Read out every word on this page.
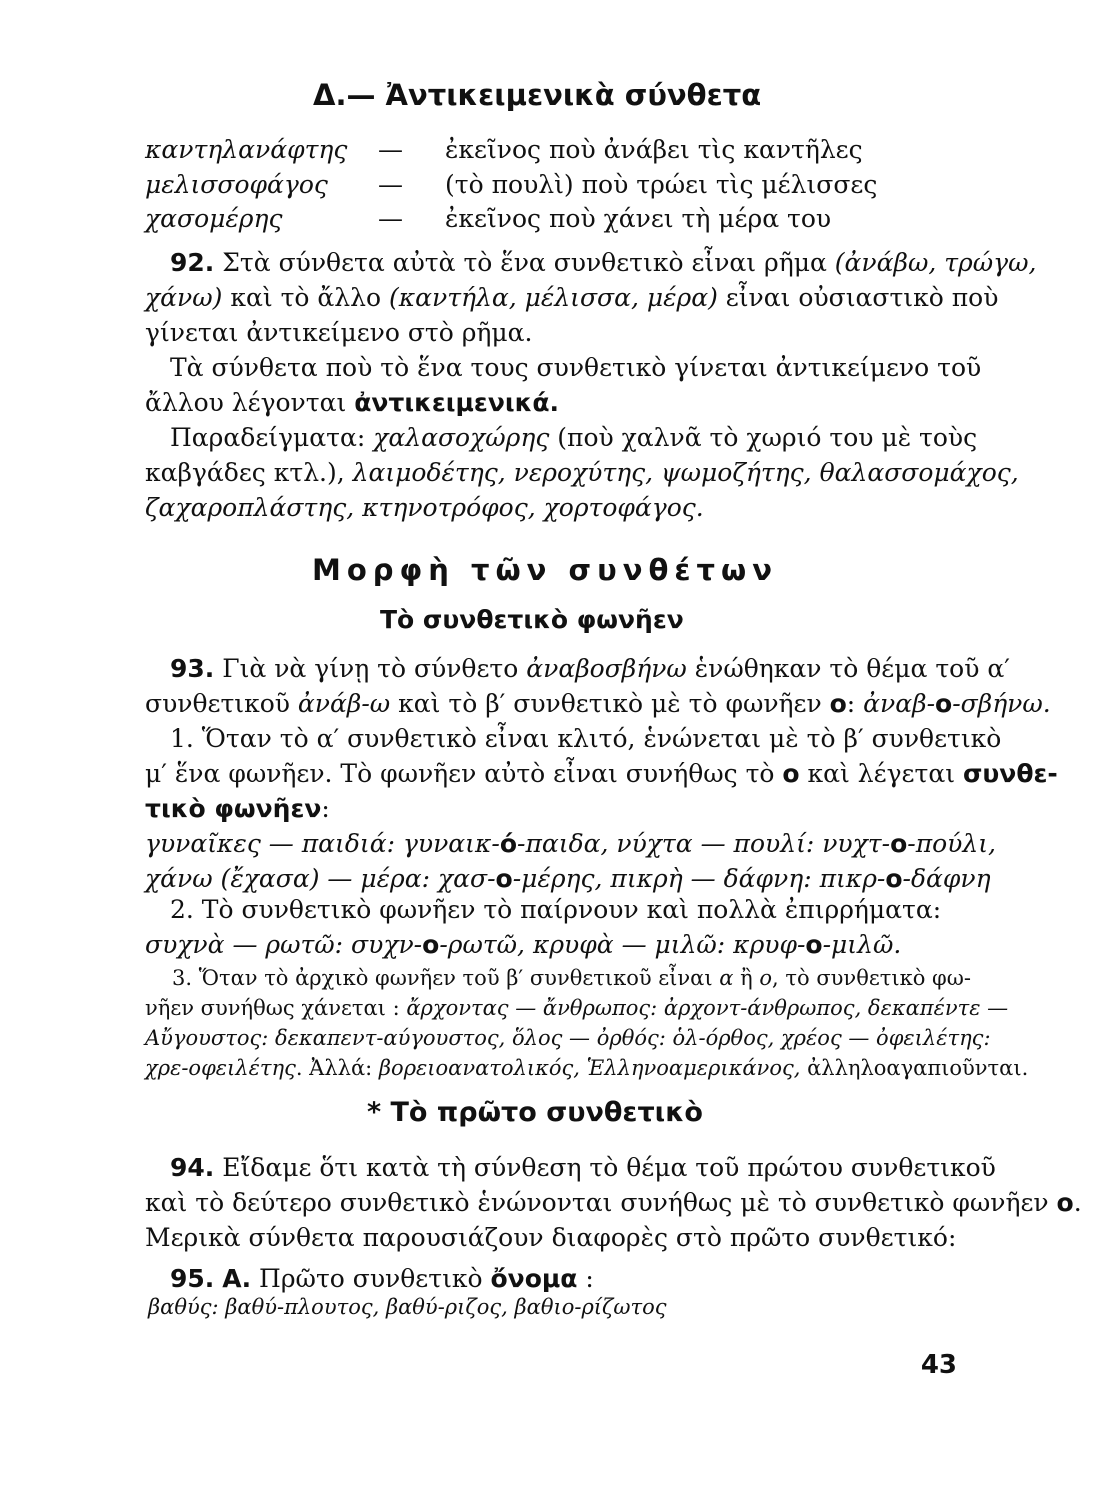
Δ.— Ἀντικειμενικὰ σύνθετα
καντηλανάφτης — ἐκεῖνος ποὺ ἀνάβει τὶς καντῆλες
μελισσοφάγος — (τὸ πουλὶ) ποὺ τρώει τὶς μέλισσες
χασομέρης	— ἐκεῖνος ποὺ χάνει τὴ μέρα του
92. Στὰ σύνθετα αὐτὰ τὸ ἕνα συνθετικὸ εἶναι ρῆμα (ἀνάβω, τρώγω,
χάνω) καὶ τὸ ἄλλο (καντήλα, μέλισσα, μέρα) εἶναι οὐσιαστικὸ ποὺ
γίνεται ἀντικείμενο στὸ ρῆμα.
Τὰ σύνθετα ποὺ τὸ ἕνα τους συνθετικὸ γίνεται ἀντικείμενο τοῦ
ἄλλου λέγονται ἀντικειμενικά.
Παραδείγματα: χαλασοχώρης (ποὺ χαλνᾶ τὸ χωριό του μὲ τοὺς
καβγάδες κτλ.), λαιμοδέτης, νεροχύτης, ψωμοζήτης, θαλασσομάχος,
ζαχαροπλάστης, κτηνοτρόφος, χορτοφάγος.
Μορφὴ τῶν συνθέτων
Τὸ συνθετικὸ φωνῆεν
93. Γιὰ νὰ γίνῃ τὸ σύνθετο ἀναβοσβήνω ἑνώθηκαν τὸ θέμα τοῦ α′
συνθετικοῦ ἀνάβ-ω καὶ τὸ β′ συνθετικὸ μὲ τὸ φωνῆεν ο: ἀναβ-ο-σβήνω.
1. Ὅταν τὸ α′ συνθετικὸ εἶναι κλιτό, ἑνώνεται μὲ τὸ β′ συνθετικὸ
μ′ ἕνα φωνῆεν. Τὸ φωνῆεν αὐτὸ εἶναι συνήθως τὸ ο καὶ λέγεται συνθε-
τικὸ φωνῆεν:
γυναῖκες — παιδιά: γυναικ-ό-παιδα, νύχτα — πουλί: νυχτ-ο-πούλι,
χάνω (ἔχασα) — μέρα: χασ-ο-μέρης, πικρὴ — δάφνη: πικρ-ο-δάφνη
2. Τὸ συνθετικὸ φωνῆεν τὸ παίρνουν καὶ πολλὰ ἐπιρρήματα:
συχνὰ — ρωτῶ: συχν-ο-ρωτῶ, κρυφὰ — μιλῶ: κρυφ-ο-μιλῶ.
3. Ὅταν τὸ ἀρχικὸ φωνῆεν τοῦ β′ συνθετικοῦ εἶναι α ἢ ο, τὸ συνθετικὸ φω-
νῆεν συνήθως χάνεται : ἄρχοντας — ἄνθρωπος: ἀρχοντ-άνθρωπος, δεκαπέντε —
Αὔγουστος: δεκαπεντ-αύγουστος, ὅλος — ὀρθός: ὁλ-όρθος, χρέος — ὀφειλέτης:
χρε-οφειλέτης. Ἀλλά: βορειοανατολικός, Ἑλληνοαμερικάνος, ἀλληλοαγαπιοῦνται.
* Τὸ πρῶτο συνθετικὸ
94. Εἴδαμε ὅτι κατὰ τὴ σύνθεση τὸ θέμα τοῦ πρώτου συνθετικοῦ
καὶ τὸ δεύτερο συνθετικὸ ἑνώνονται συνήθως μὲ τὸ συνθετικὸ φωνῆεν ο.
Μερικὰ σύνθετα παρουσιάζουν διαφορὲς στὸ πρῶτο συνθετικό:
95. Α. Πρῶτο συνθετικὸ ὄνομα :
βαθύς: βαθύ-πλουτος, βαθύ-ριζος, βαθιο-ρίζωτος
43
